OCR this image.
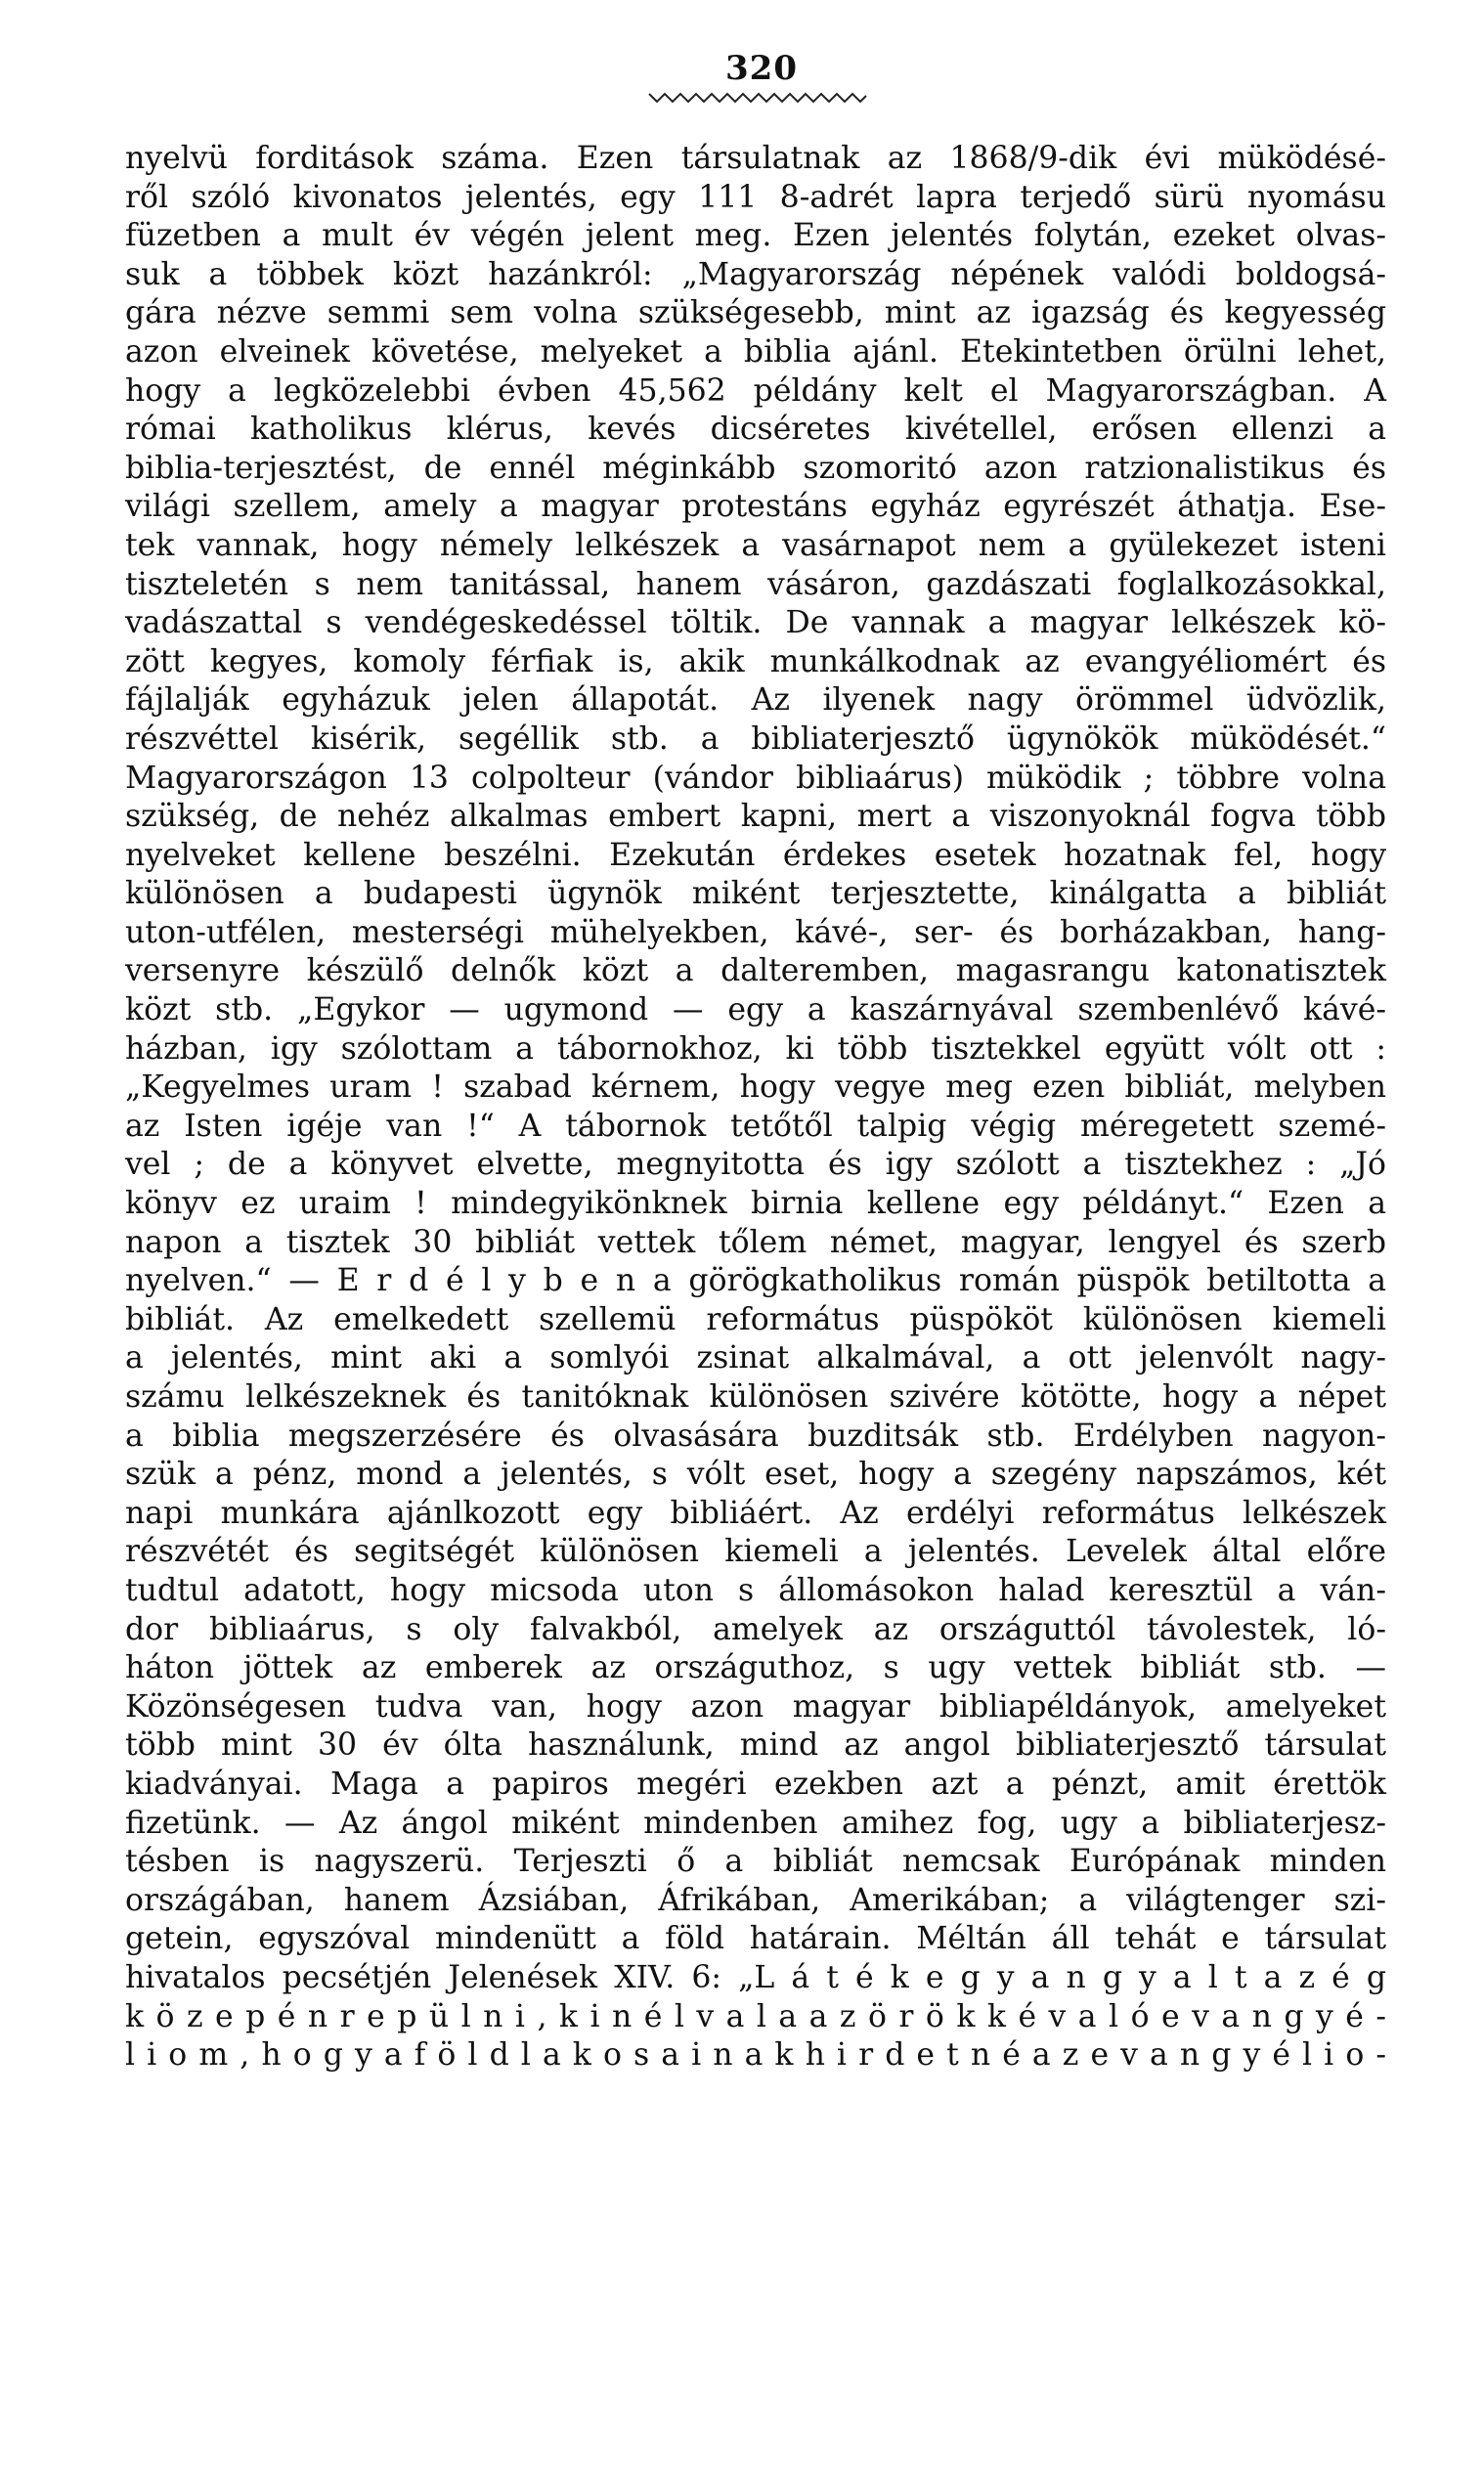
320
nyelvü forditások száma. Ezen társulatnak az 1868/9-dik évi müködésé-
ről szóló kivonatos jelentés, egy 111 8-adrét lapra terjedő sürü nyomásu
füzetben a mult év végén jelent meg. Ezen jelentés folytán, ezeket olvas-
suk a többek közt hazánkról: „Magyarország népének valódi boldogsá-
gára nézve semmi sem volna szükségesebb, mint az igazság és kegyesség
azon elveinek követése, melyeket a biblia ajánl. Etekintetben örülni lehet,
hogy a legközelebbi évben 45,562 példány kelt el Magyarországban. A
római katholikus klérus, kevés dicséretes kivétellel, erősen ellenzi a
biblia-terjesztést, de ennél méginkább szomoritó azon ratzionalistikus és
világi szellem, amely a magyar protestáns egyház egyrészét áthatja. Ese-
tek vannak, hogy némely lelkészek a vasárnapot nem a gyülekezet isteni
tiszteletén s nem tanitással, hanem vásáron, gazdászati foglalkozásokkal,
vadászattal s vendégeskedéssel töltik. De vannak a magyar lelkészek kö-
zött kegyes, komoly férfiak is, akik munkálkodnak az evangyéliomért és
fájlalják egyházuk jelen állapotát. Az ilyenek nagy örömmel üdvözlik,
részvéttel kisérik, segéllik stb. a bibliaterjesztő ügynökök müködését.“
Magyarországon 13 colpolteur (vándor bibliaárus) müködik ; többre volna
szükség, de nehéz alkalmas embert kapni, mert a viszonyoknál fogva több
nyelveket kellene beszélni. Ezekután érdekes esetek hozatnak fel, hogy
különösen a budapesti ügynök miként terjesztette, kinálgatta a bibliát
uton-utfélen, mesterségi mühelyekben, kávé-, ser- és borházakban, hang-
versenyre készülő delnők közt a dalteremben, magasrangu katonatisztek
közt stb. „Egykor — ugymond — egy a kaszárnyával szembenlévő kávé-
házban, igy szólottam a tábornokhoz, ki több tisztekkel együtt vólt ott :
„Kegyelmes uram ! szabad kérnem, hogy vegye meg ezen bibliát, melyben
az Isten igéje van !“ A tábornok tetőtől talpig végig méregetett szemé-
vel ; de a könyvet elvette, megnyitotta és igy szólott a tisztekhez : „Jó
könyv ez uraim ! mindegyikönknek birnia kellene egy példányt.“ Ezen a
napon a tisztek 30 bibliát vettek tőlem német, magyar, lengyel és szerb
nyelven.“ — E r d é l y b e n a görögkatholikus román püspök betiltotta a
bibliát. Az emelkedett szellemü református püspököt különösen kiemeli
a jelentés, mint aki a somlyói zsinat alkalmával, a ott jelenvólt nagy-
számu lelkészeknek és tanitóknak különösen szivére kötötte, hogy a népet
a biblia megszerzésére és olvasására buzditsák stb. Erdélyben nagyon-
szük a pénz, mond a jelentés, s vólt eset, hogy a szegény napszámos, két
napi munkára ajánlkozott egy bibliáért. Az erdélyi református lelkészek
részvétét és segitségét különösen kiemeli a jelentés. Levelek által előre
tudtul adatott, hogy micsoda uton s állomásokon halad keresztül a ván-
dor bibliaárus, s oly falvakból, amelyek az országuttól távolestek, ló-
háton jöttek az emberek az országuthoz, s ugy vettek bibliát stb. —
Közönségesen tudva van, hogy azon magyar bibliapéldányok, amelyeket
több mint 30 év ólta használunk, mind az angol bibliaterjesztő társulat
kiadványai. Maga a papiros megéri ezekben azt a pénzt, amit érettök
fizetünk. — Az ángol miként mindenben amihez fog, ugy a bibliaterjesz-
tésben is nagyszerü. Terjeszti ő a bibliát nemcsak Európának minden
országában, hanem Ázsiában, Áfrikában, Amerikában; a világtenger szi-
getein, egyszóval mindenütt a föld határain. Méltán áll tehát e társulat
hivatalos pecsétjén Jelenések XIV. 6: „L á t é k e g y a n g y a l t a z é g
k ö z e p é n r e p ü l n i , k i n é l v a l a a z ö r ö k k é v a l ó e v a n g y é -
l i o m , h o g y a f ö l d l a k o s a i n a k h i r d e t n é a z e v a n g y é l i o -
